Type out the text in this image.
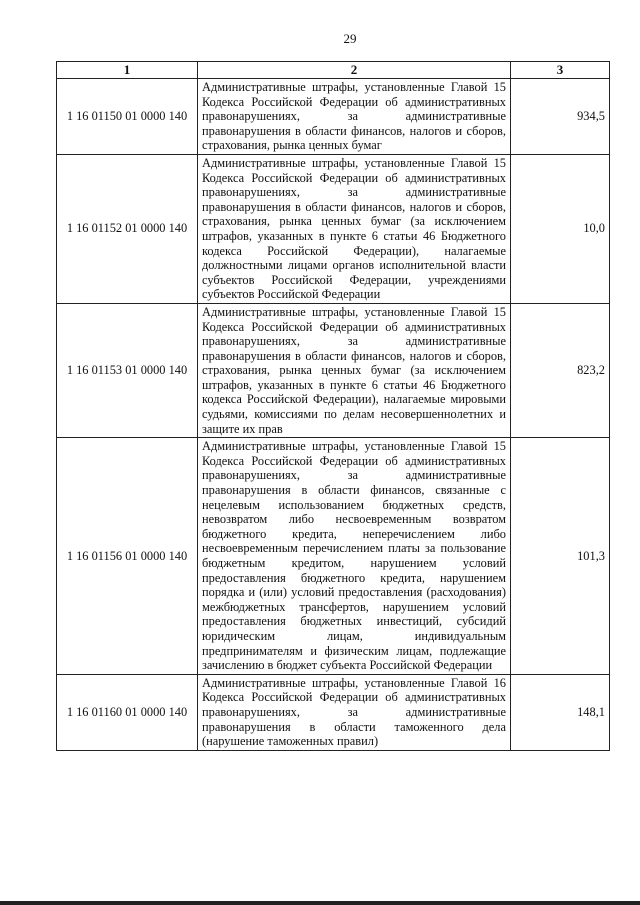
29
1	2	3
1 16 01150 01 0000 140	Административные штрафы, установленные Главой 15 Кодекса Российской Федерации об административных правонарушениях, за административные правонарушения в области финансов, налогов и сборов, страхования, рынка ценных бумаг	934,5
1 16 01152 01 0000 140	Административные штрафы, установленные Главой 15 Кодекса Российской Федерации об административных правонарушениях, за административные правонарушения в области финансов, налогов и сборов, страхования, рынка ценных бумаг (за исключением штрафов, указанных в пункте 6 статьи 46 Бюджетного кодекса Российской Федерации), налагаемые должностными лицами органов исполнительной власти субъектов Российской Федерации, учреждениями субъектов Российской Федерации	10,0
1 16 01153 01 0000 140	Административные штрафы, установленные Главой 15 Кодекса Российской Федерации об административных правонарушениях, за административные правонарушения в области финансов, налогов и сборов, страхования, рынка ценных бумаг (за исключением штрафов, указанных в пункте 6 статьи 46 Бюджетного кодекса Российской Федерации), налагаемые мировыми судьями, комиссиями по делам несовершеннолетних и защите их прав	823,2
1 16 01156 01 0000 140	Административные штрафы, установленные Главой 15 Кодекса Российской Федерации об административных правонарушениях, за административные правонарушения в области финансов, связанные с нецелевым использованием бюджетных средств, невозвратом либо несвоевременным возвратом бюджетного кредита, неперечислением либо несвоевременным перечислением платы за пользование бюджетным кредитом, нарушением условий предоставления бюджетного кредита, нарушением порядка и (или) условий предоставления (расходования) межбюджетных трансфертов, нарушением условий предоставления бюджетных инвестиций, субсидий юридическим лицам, индивидуальным предпринимателям и физическим лицам, подлежащие зачислению в бюджет субъекта Российской Федерации	101,3
1 16 01160 01 0000 140	Административные штрафы, установленные Главой 16 Кодекса Российской Федерации об административных правонарушениях, за административные правонарушения в области таможенного дела (нарушение таможенных правил)	148,1
